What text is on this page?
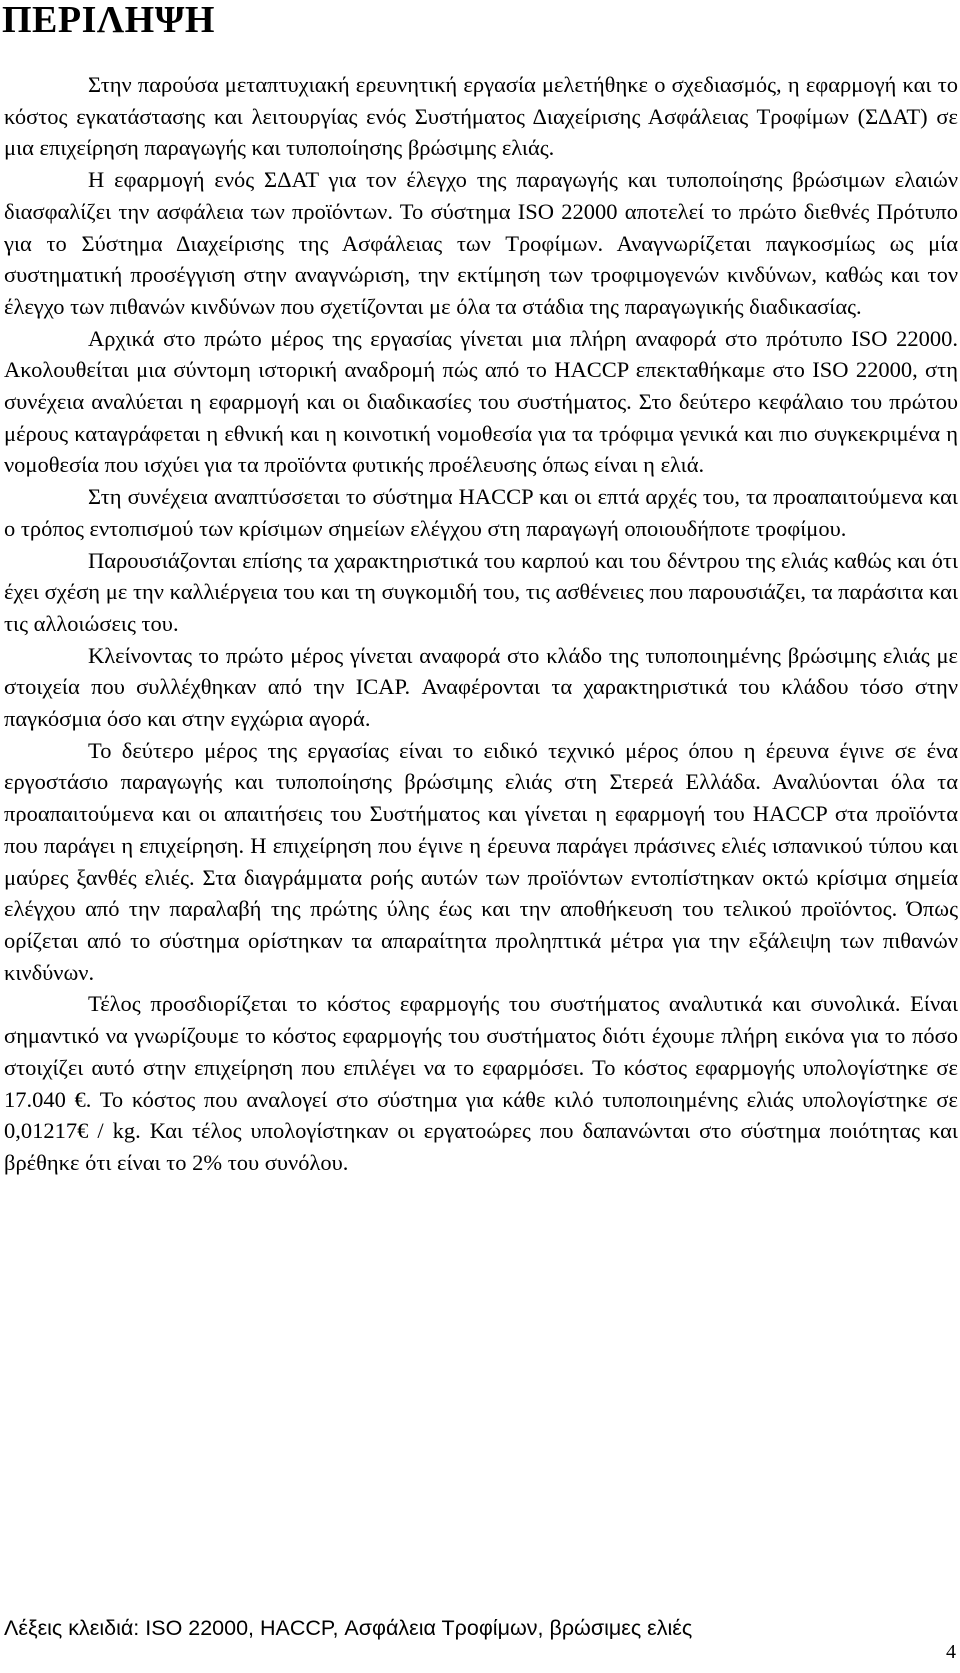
ΠΕΡΙΛΗΨΗ

Στην παρούσα μεταπτυχιακή ερευνητική εργασία μελετήθηκε ο σχεδιασμός, η εφαρμογή και το κόστος εγκατάστασης και λειτουργίας ενός Συστήματος Διαχείρισης Ασφάλειας Τροφίμων (ΣΔΑΤ) σε μια επιχείρηση παραγωγής και τυποποίησης βρώσιμης ελιάς.

Η εφαρμογή ενός ΣΔΑΤ για τον έλεγχο της παραγωγής και τυποποίησης βρώσιμων ελαιών διασφαλίζει την ασφάλεια των προϊόντων. Το σύστημα ISO 22000 αποτελεί το πρώτο διεθνές Πρότυπο για το Σύστημα Διαχείρισης της Ασφάλειας των Τροφίμων. Αναγνωρίζεται παγκοσμίως ως μία συστηματική προσέγγιση στην αναγνώριση, την εκτίμηση των τροφιμογενών κινδύνων, καθώς και τον έλεγχο των πιθανών κινδύνων που σχετίζονται με όλα τα στάδια της παραγωγικής διαδικασίας.

Αρχικά στο πρώτο μέρος της εργασίας γίνεται μια πλήρη αναφορά στο πρότυπο ISO 22000. Ακολουθείται μια σύντομη ιστορική αναδρομή πώς από το HACCP επεκταθήκαμε στο ISO 22000, στη συνέχεια αναλύεται η εφαρμογή και οι διαδικασίες του συστήματος. Στο δεύτερο κεφάλαιο του πρώτου μέρους καταγράφεται η εθνική και η κοινοτική νομοθεσία για τα τρόφιμα γενικά και πιο συγκεκριμένα η νομοθεσία που ισχύει για τα προϊόντα φυτικής προέλευσης όπως είναι η ελιά.

Στη συνέχεια αναπτύσσεται το σύστημα HACCP και οι επτά αρχές του, τα προαπαιτούμενα και ο τρόπος εντοπισμού των κρίσιμων σημείων ελέγχου στη παραγωγή οποιουδήποτε τροφίμου.

Παρουσιάζονται επίσης τα χαρακτηριστικά του καρπού και του δέντρου της ελιάς καθώς και ότι έχει σχέση με την καλλιέργεια του και τη συγκομιδή του, τις ασθένειες που παρουσιάζει, τα παράσιτα και τις αλλοιώσεις του.

Κλείνοντας το πρώτο μέρος γίνεται αναφορά στο κλάδο της τυποποιημένης βρώσιμης ελιάς με στοιχεία που συλλέχθηκαν από την ICAP. Αναφέρονται τα χαρακτηριστικά του κλάδου τόσο στην παγκόσμια όσο και στην εγχώρια αγορά.

Το δεύτερο μέρος της εργασίας είναι το ειδικό τεχνικό μέρος όπου η έρευνα έγινε σε ένα εργοστάσιο παραγωγής και τυποποίησης βρώσιμης ελιάς στη Στερεά Ελλάδα. Αναλύονται όλα τα προαπαιτούμενα και οι απαιτήσεις του Συστήματος και γίνεται η εφαρμογή του HACCP στα προϊόντα που παράγει η επιχείρηση. Η επιχείρηση που έγινε η έρευνα παράγει πράσινες ελιές ισπανικού τύπου και μαύρες ξανθές ελιές. Στα διαγράμματα ροής αυτών των προϊόντων εντοπίστηκαν οκτώ κρίσιμα σημεία ελέγχου από την παραλαβή της πρώτης ύλης έως και την αποθήκευση του τελικού προϊόντος. Όπως ορίζεται από το σύστημα ορίστηκαν τα απαραίτητα προληπτικά μέτρα για την εξάλειψη των πιθανών κινδύνων.

Τέλος προσδιορίζεται το κόστος εφαρμογής του συστήματος αναλυτικά και συνολικά. Είναι σημαντικό να γνωρίζουμε το κόστος εφαρμογής του συστήματος διότι έχουμε πλήρη εικόνα για το πόσο στοιχίζει αυτό στην επιχείρηση που επιλέγει να το εφαρμόσει. Το κόστος εφαρμογής υπολογίστηκε σε 17.040 €. Το κόστος που αναλογεί στο σύστημα για κάθε κιλό τυποποιημένης ελιάς υπολογίστηκε σε 0,01217€ / kg. Και τέλος υπολογίστηκαν οι εργατοώρες που δαπανώνται στο σύστημα ποιότητας και βρέθηκε ότι είναι το 2% του συνόλου.

Λέξεις κλειδιά: ISO 22000, HACCP, Ασφάλεια Τροφίμων, βρώσιμες ελιές

4
